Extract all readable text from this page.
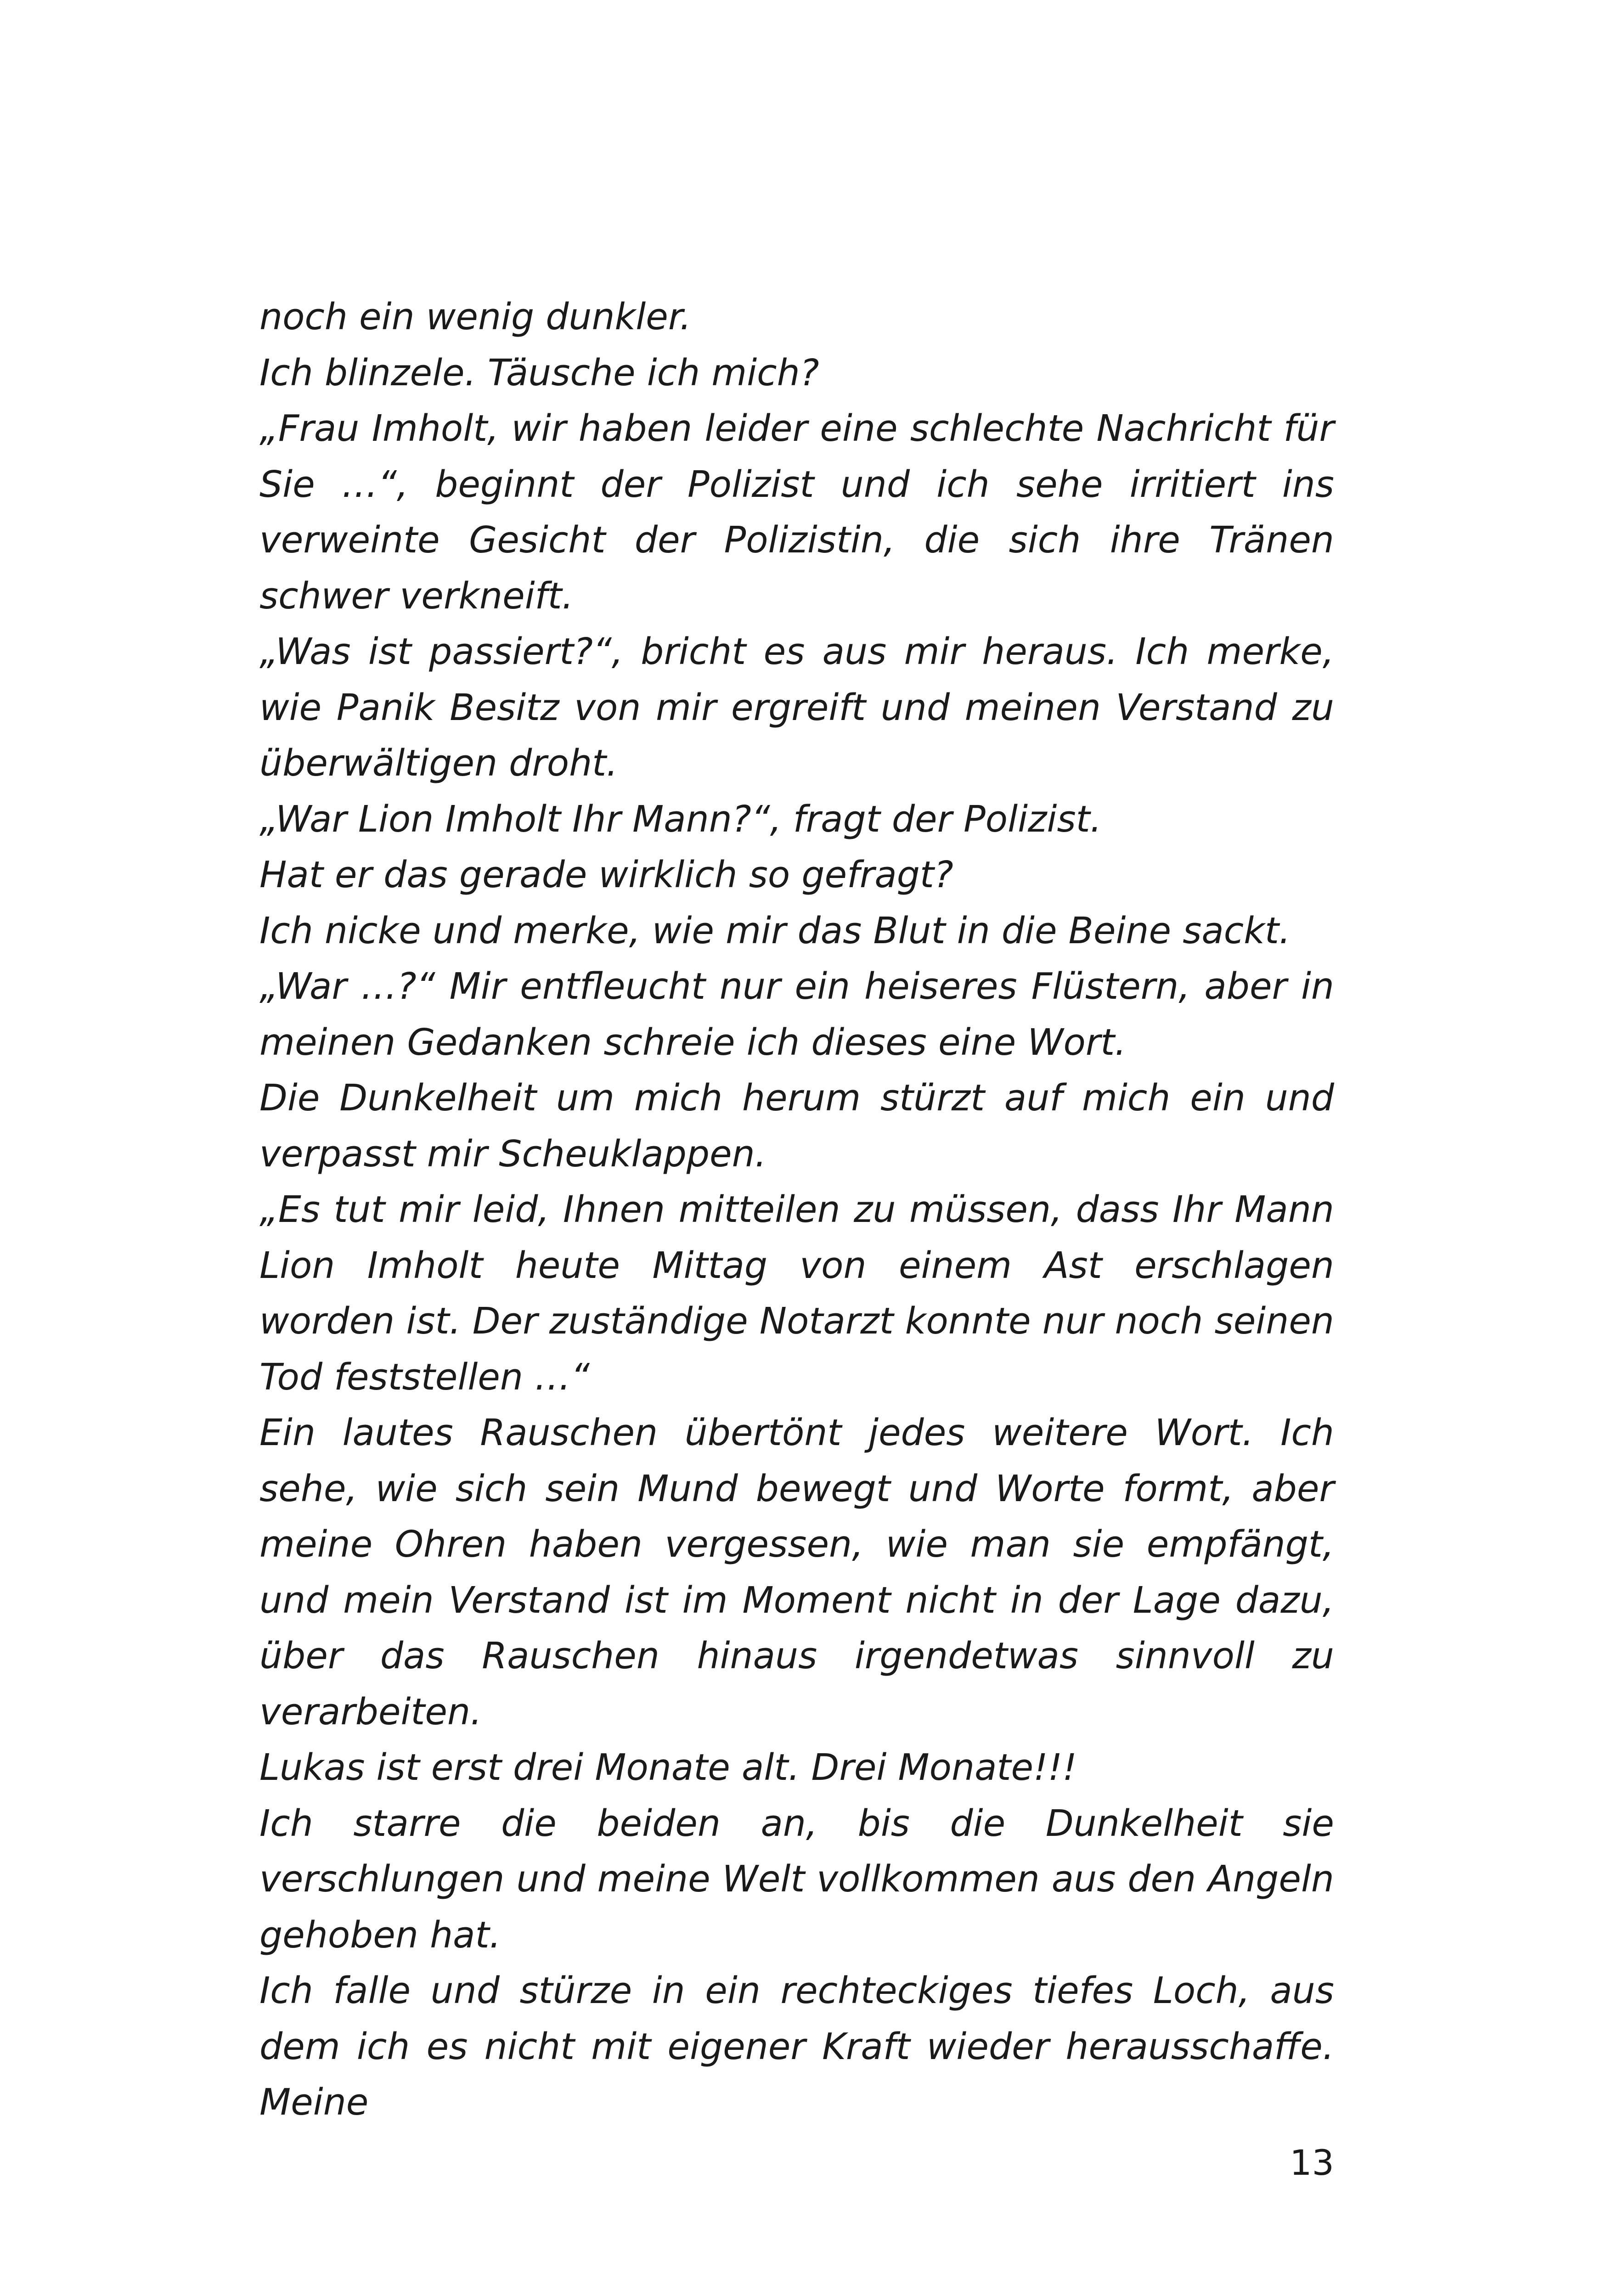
noch ein wenig dunkler.

Ich blinzele. Täusche ich mich?

„Frau Imholt, wir haben leider eine schlechte Nachricht für Sie …“, beginnt der Polizist und ich sehe irritiert ins verweinte Gesicht der Polizistin, die sich ihre Tränen schwer verkneift.

„Was ist passiert?“, bricht es aus mir heraus. Ich merke, wie Panik Besitz von mir ergreift und meinen Verstand zu überwältigen droht.

„War Lion Imholt Ihr Mann?“, fragt der Polizist.

Hat er das gerade wirklich so gefragt?

Ich nicke und merke, wie mir das Blut in die Beine sackt.

„War …?“ Mir entfleucht nur ein heiseres Flüstern, aber in meinen Gedanken schreie ich dieses eine Wort.

Die Dunkelheit um mich herum stürzt auf mich ein und verpasst mir Scheuklappen.

„Es tut mir leid, Ihnen mitteilen zu müssen, dass Ihr Mann Lion Imholt heute Mittag von einem Ast erschlagen worden ist. Der zuständige Notarzt konnte nur noch seinen Tod feststellen …“

Ein lautes Rauschen übertönt jedes weitere Wort. Ich sehe, wie sich sein Mund bewegt und Worte formt, aber meine Ohren haben vergessen, wie man sie empfängt, und mein Verstand ist im Moment nicht in der Lage dazu, über das Rauschen hinaus irgendetwas sinnvoll zu verarbeiten.

Lukas ist erst drei Monate alt. Drei Monate!!!

Ich starre die beiden an, bis die Dunkelheit sie verschlungen und meine Welt vollkommen aus den Angeln gehoben hat.

Ich falle und stürze in ein rechteckiges tiefes Loch, aus dem ich es nicht mit eigener Kraft wieder herausschaffe. Meine

13
